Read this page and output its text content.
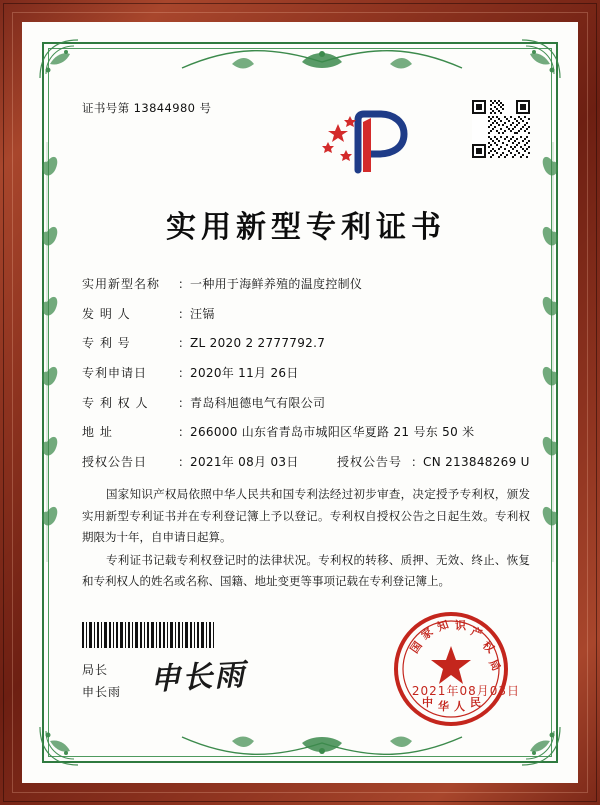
证书号第 13844980 号
实用新型专利证书
实用新型名称	： 一种用于海鲜养殖的温度控制仪
发 明 人	： 汪镉
专 利 号	： ZL 2020 2 2777792.7
专利申请日	： 2020年 11月 26日
专 利 权 人	： 青岛科旭德电气有限公司
地 址	： 266000 山东省青岛市城阳区华夏路 21 号东 50 米
授权公告日	： 2021年 08月 03日	授权公告号 ： CN 213848269 U

国家知识产权局依照中华人民共和国专利法经过初步审查，决定授予专利权，颁发实用新型专利证书并在专利登记簿上予以登记。专利权自授权公告之日起生效。专利权期限为十年，自申请日起算。

专利证书记载专利权登记时的法律状况。专利权的转移、质押、无效、终止、恢复和专利权人的姓名或名称、国籍、地址变更等事项记载在专利登记簿上。

局长
申长雨 申长雨
国
家 知 识 产
权
局
中 华 人 民
2021年08月03日
